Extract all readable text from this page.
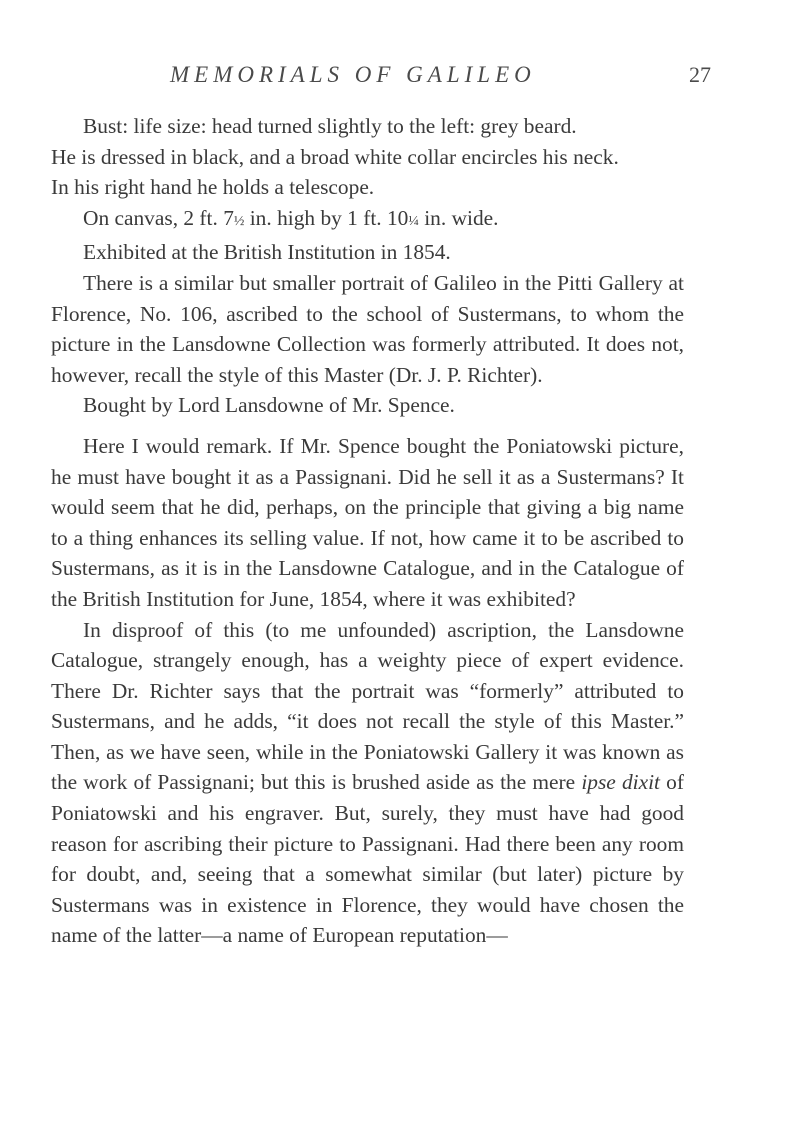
MEMORIALS OF GALILEO	27
Bust: life size: head turned slightly to the left: grey beard.
He is dressed in black, and a broad white collar encircles his neck.
In his right hand he holds a telescope.
On canvas, 2 ft. 7½ in. high by 1 ft. 10¼ in. wide.
Exhibited at the British Institution in 1854.

There is a similar but smaller portrait of Galileo in the Pitti Gallery at Florence, No. 106, ascribed to the school of Sustermans, to whom the picture in the Lansdowne Collection was formerly attributed. It does not, however, recall the style of this Master (Dr. J. P. Richter).

Bought by Lord Lansdowne of Mr. Spence.

Here I would remark. If Mr. Spence bought the Poniatowski picture, he must have bought it as a Passignani. Did he sell it as a Sustermans? It would seem that he did, perhaps, on the principle that giving a big name to a thing enhances its selling value. If not, how came it to be ascribed to Sustermans, as it is in the Lansdowne Catalogue, and in the Catalogue of the British Institution for June, 1854, where it was exhibited?

In disproof of this (to me unfounded) ascription, the Lansdowne Catalogue, strangely enough, has a weighty piece of expert evidence. There Dr. Richter says that the portrait was “formerly” attributed to Sustermans, and he adds, “it does not recall the style of this Master.” Then, as we have seen, while in the Poniatowski Gallery it was known as the work of Passignani; but this is brushed aside as the mere ipse dixit of Poniatowski and his engraver. But, surely, they must have had good reason for ascribing their picture to Passignani. Had there been any room for doubt, and, seeing that a somewhat similar (but later) picture by Sustermans was in existence in Florence, they would have chosen the name of the latter—a name of European reputation—
